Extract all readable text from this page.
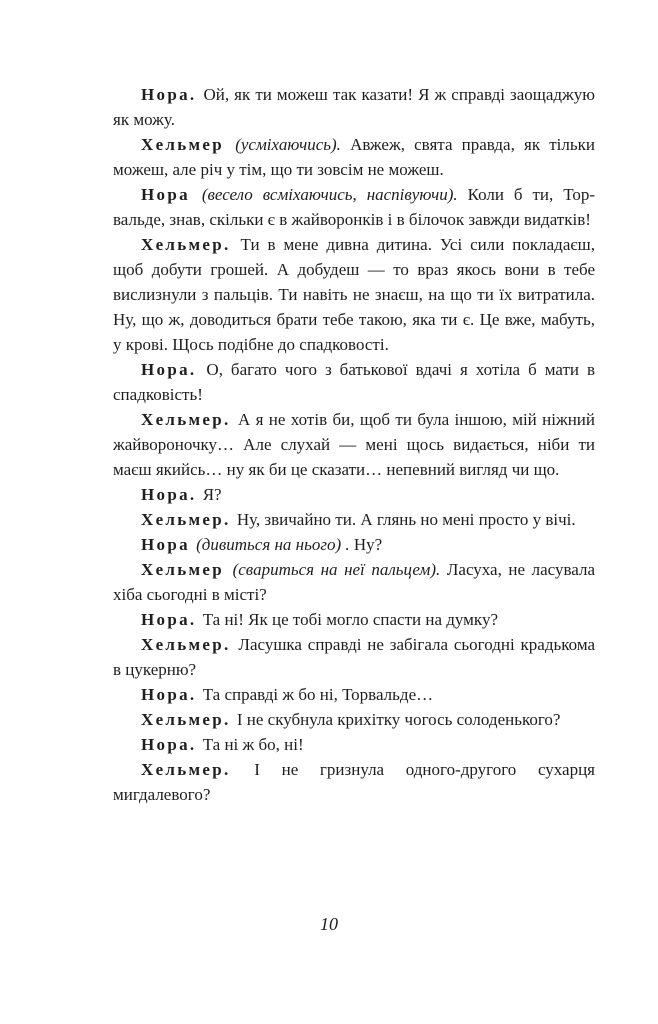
Нора. Ой, як ти можеш так казати! Я ж справді заощаджую як можу.

Хельмер (усміхаючись). Авжеж, свята правда, як тільки можеш, але річ у тім, що ти зовсім не можеш.

Нора (весело всміхаючись, наспівуючи). Коли б ти, Торвальде, знав, скільки є в жайворонків і в білочок завжди видатків!

Хельмер. Ти в мене дивна дитина. Усі сили покладаєш, щоб добути грошей. А добудеш — то враз якось вони в тебе вислизнули з пальців. Ти навіть не знаєш, на що ти їх витратила. Ну, що ж, доводиться брати тебе такою, яка ти є. Це вже, мабуть, у крові. Щось подібне до спадковості.

Нора. О, багато чого з батькової вдачі я хотіла б мати в спадковість!

Хельмер. А я не хотів би, щоб ти була іншою, мій ніжний жайвороночку… Але слухай — мені щось видається, ніби ти маєш якийсь… ну як би це сказати… непевний вигляд чи що.

Нора. Я?

Хельмер. Ну, звичайно ти. А глянь но мені просто у вічі.

Нора (дивиться на нього) . Ну?

Хельмер (свариться на неї пальцем). Ласуха, не ласувала хіба сьогодні в місті?

Нора. Та ні! Як це тобі могло спасти на думку?

Хельмер. Ласушка справді не забігала сьогодні крадькома в цукерню?

Нора. Та справді ж бо ні, Торвальде…

Хельмер. І не скубнула крихітку чогось солоденького?

Нора. Та ні ж бо, ні!

Хельмер. І не гризнула одного-другого сухарця мигдалевого?

10
